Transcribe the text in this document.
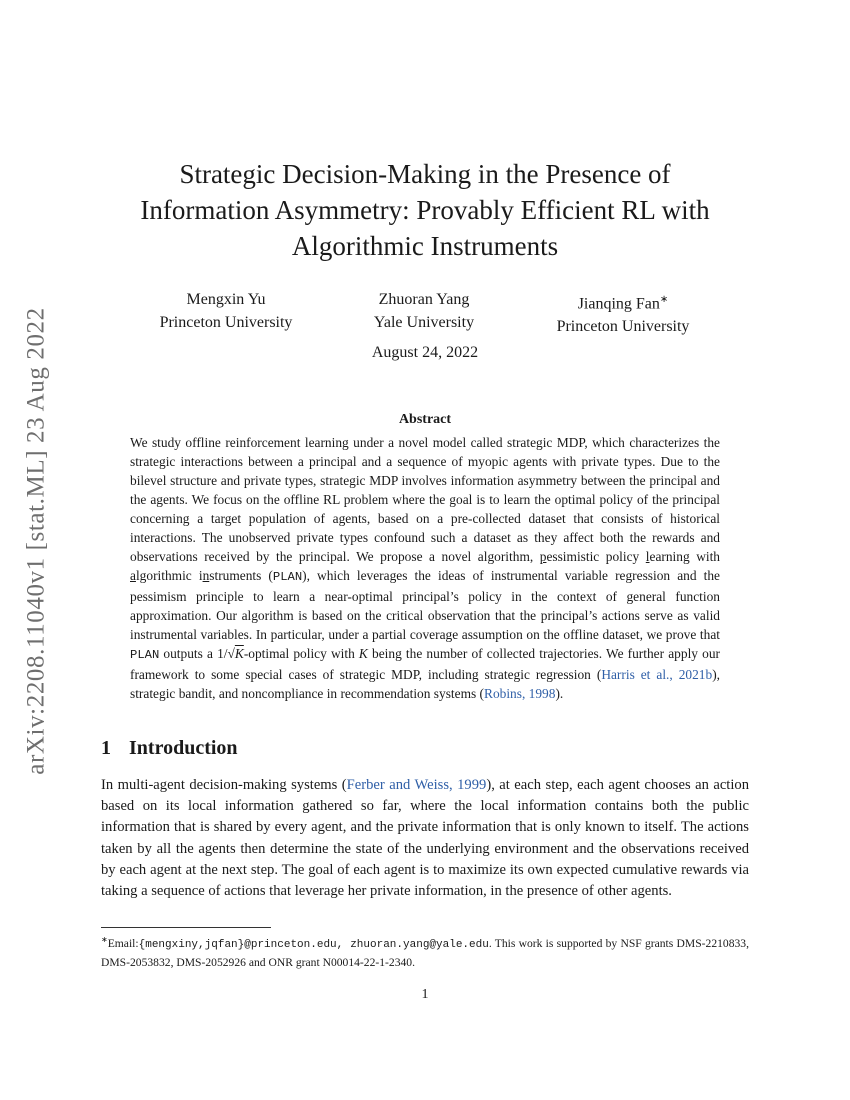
arXiv:2208.11040v1 [stat.ML] 23 Aug 2022
Strategic Decision-Making in the Presence of
Information Asymmetry: Provably Efficient RL with
Algorithmic Instruments
Mengxin Yu
Princeton University
Zhuoran Yang
Yale University
Jianqing Fan∗
Princeton University
August 24, 2022
Abstract

We study offline reinforcement learning under a novel model called strategic MDP, which characterizes the strategic interactions between a principal and a sequence of myopic agents with private types. Due to the bilevel structure and private types, strategic MDP involves information asymmetry between the principal and the agents. We focus on the offline RL problem where the goal is to learn the optimal policy of the principal concerning a target population of agents, based on a pre-collected dataset that consists of historical interactions. The unobserved private types confound such a dataset as they affect both the rewards and observations received by the principal. We propose a novel algorithm, pessimistic policy learning with algorithmic instruments (PLAN), which leverages the ideas of instrumental variable regression and the pessimism principle to learn a near-optimal principal’s policy in the context of general function approximation. Our algorithm is based on the critical observation that the principal’s actions serve as valid instrumental variables. In particular, under a partial coverage assumption on the offline dataset, we prove that PLAN outputs a 1/√K-optimal policy with K being the number of collected trajectories. We further apply our framework to some special cases of strategic MDP, including strategic regression (Harris et al., 2021b), strategic bandit, and noncompliance in recommendation systems (Robins, 1998).

1 Introduction

In multi-agent decision-making systems (Ferber and Weiss, 1999), at each step, each agent chooses an action based on its local information gathered so far, where the local information contains both the public information that is shared by every agent, and the private information that is only known to itself. The actions taken by all the agents then determine the state of the underlying environment and the observations received by each agent at the next step. The goal of each agent is to maximize its own expected cumulative rewards via taking a sequence of actions that leverage her private information, in the presence of other agents.

∗Email:{mengxiny,jqfan}@princeton.edu, zhuoran.yang@yale.edu. This work is supported by NSF grants DMS-2210833, DMS-2053832, DMS-2052926 and ONR grant N00014-22-1-2340.

1
